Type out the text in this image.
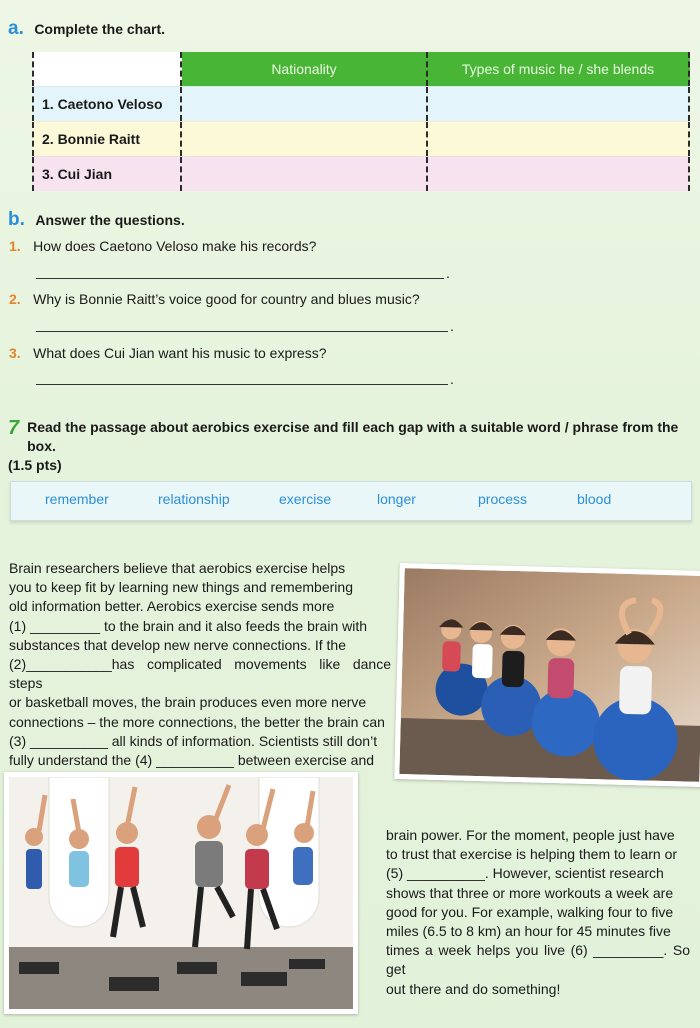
a. Complete the chart.
Nationality	Types of music he / she blends
1. Caetono Veloso
2. Bonnie Raitt
3. Cui Jian
b. Answer the questions.
1. How does Caetono Veloso make his records?
.
2. Why is Bonnie Raitt’s voice good for country and blues music?
.
3. What does Cui Jian want his music to express?
.
7 Read the passage about aerobics exercise and fill each gap with a suitable word / phrase from the box.
(1.5 pts)
remember	relationship	exercise	longer	process	blood
Brain researchers believe that aerobics exercise helps
you to keep fit by learning new things and remembering
old information better. Aerobics exercise sends more
(1) _________ to the brain and it also feeds the brain with
substances that develop new nerve connections. If the
(2)___________has complicated movements like dance steps
or basketball moves, the brain produces even more nerve
connections – the more connections, the better the brain can
(3) __________ all kinds of information. Scientists still don’t
fully understand the (4) __________ between exercise and
brain power. For the moment, people just have
to trust that exercise is helping them to learn or
(5) __________. However, scientist research
shows that three or more workouts a week are
good for you. For example, walking four to five
miles (6.5 to 8 km) an hour for 45 minutes five
times a week helps you live (6) _________. So get
out there and do something!
